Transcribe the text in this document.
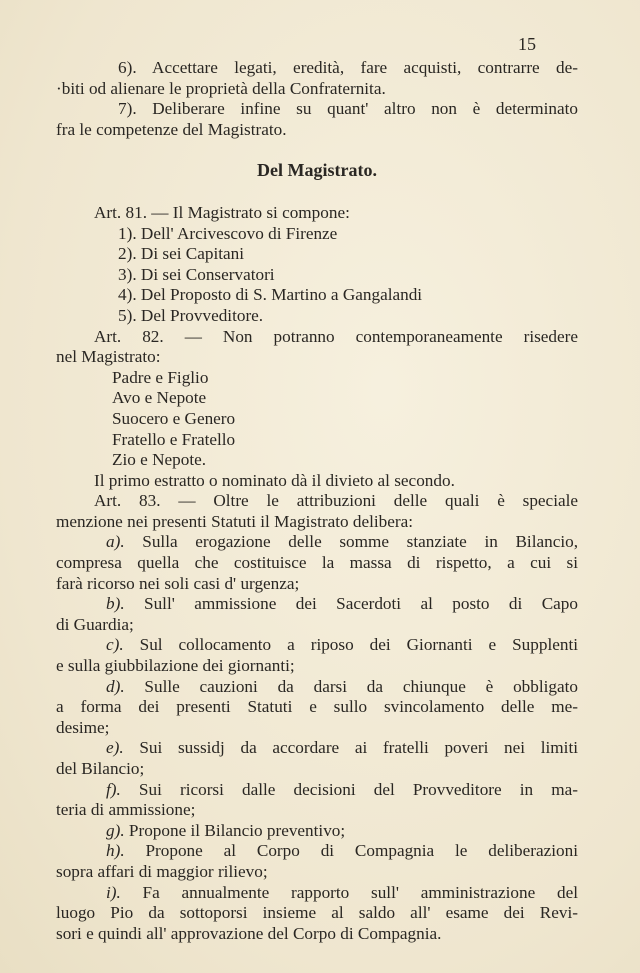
15
6). Accettare legati, eredità, fare acquisti, contrarre de-
·biti od alienare le proprietà della Confraternita.
7). Deliberare infine su quant' altro non è determinato
fra le competenze del Magistrato.
Del Magistrato.
Art. 81. — Il Magistrato si compone:
1). Dell' Arcivescovo di Firenze
2). Di sei Capitani
3). Di sei Conservatori
4). Del Proposto di S. Martino a Gangalandi
5). Del Provveditore.
Art. 82. — Non potranno contemporaneamente risedere
nel Magistrato:
Padre e Figlio
Avo e Nepote
Suocero e Genero
Fratello e Fratello
Zio e Nepote.
Il primo estratto o nominato dà il divieto al secondo.
Art. 83. — Oltre le attribuzioni delle quali è speciale
menzione nei presenti Statuti il Magistrato delibera:
a). Sulla erogazione delle somme stanziate in Bilancio,
compresa quella che costituisce la massa di rispetto, a cui si
farà ricorso nei soli casi d' urgenza;
b). Sull' ammissione dei Sacerdoti al posto di Capo
di Guardia;
c). Sul collocamento a riposo dei Giornanti e Supplenti
e sulla giubbilazione dei giornanti;
d). Sulle cauzioni da darsi da chiunque è obbligato
a forma dei presenti Statuti e sullo svincolamento delle me-
desime;
e). Sui sussidj da accordare ai fratelli poveri nei limiti
del Bilancio;
f). Sui ricorsi dalle decisioni del Provveditore in ma-
teria di ammissione;
g). Propone il Bilancio preventivo;
h). Propone al Corpo di Compagnia le deliberazioni
sopra affari di maggior rilievo;
i). Fa annualmente rapporto sull' amministrazione del
luogo Pio da sottoporsi insieme al saldo all' esame dei Revi-
sori e quindi all' approvazione del Corpo di Compagnia.
